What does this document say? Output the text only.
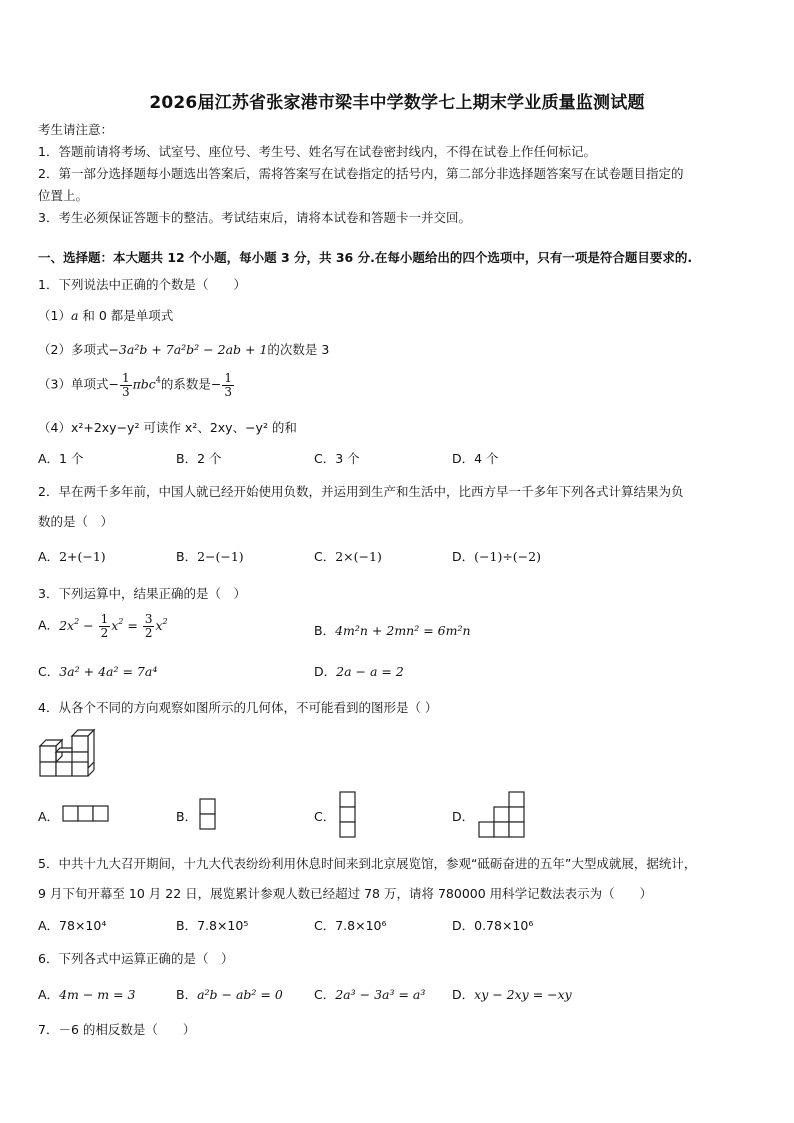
2026届江苏省张家港市梁丰中学数学七上期末学业质量监测试题
考生请注意：
1．答题前请将考场、试室号、座位号、考生号、姓名写在试卷密封线内，不得在试卷上作任何标记。
2．第一部分选择题每小题选出答案后，需将答案写在试卷指定的括号内，第二部分非选择题答案写在试卷题目指定的
位置上。
3．考生必须保证答题卡的整洁。考试结束后，请将本试卷和答题卡一并交回。
一、选择题：本大题共 12 个小题，每小题 3 分，共 36 分.在每小题给出的四个选项中，只有一项是符合题目要求的.
1．下列说法中正确的个数是（　　）
（1）a 和 0 都是单项式
（2）多项式−3a²b + 7a²b² − 2ab + 1的次数是 3
（3）单项式− $\frac{1}{3} \pi bc^4$的系数是− $\frac{1}{3}$
（4）x²+2xy−y² 可读作 x²、2xy、−y² 的和
A．1 个	B．2 个	C．3 个	D．4 个
2．早在两千多年前，中国人就已经开始使用负数，并运用到生产和生活中，比西方早一千多年下列各式计算结果为负
数的是（　）
A．2+(−1)	B．2−(−1)	C．2×(−1)	D．(−1)÷(−2)
3．下列运算中，结果正确的是（　）
A．$2x^2 - \frac{1}{2} x^2 = \frac{3}{2} x^2$
B．4m²n + 2mn² = 6m²n
C．3a² + 4a² = 7a⁴	D．2a − a = 2
4．从各个不同的方向观察如图所示的几何体，不可能看到的图形是（ ）
A．	B．	C．	D．
5．中共十九大召开期间，十九大代表纷纷利用休息时间来到北京展览馆，参观“砥砺奋进的五年”大型成就展，据统计，
9 月下旬开幕至 10 月 22 日，展览累计参观人数已经超过 78 万，请将 780000 用科学记数法表示为（　　）
A．78×10⁴	B．7.8×10⁵	C．7.8×10⁶	D．0.78×10⁶
6．下列各式中运算正确的是（　）
A．4m − m = 3	B．a²b − ab² = 0 C．2a³ − 3a³ = a³ D．xy − 2xy = −xy
7．－6 的相反数是（　　）
